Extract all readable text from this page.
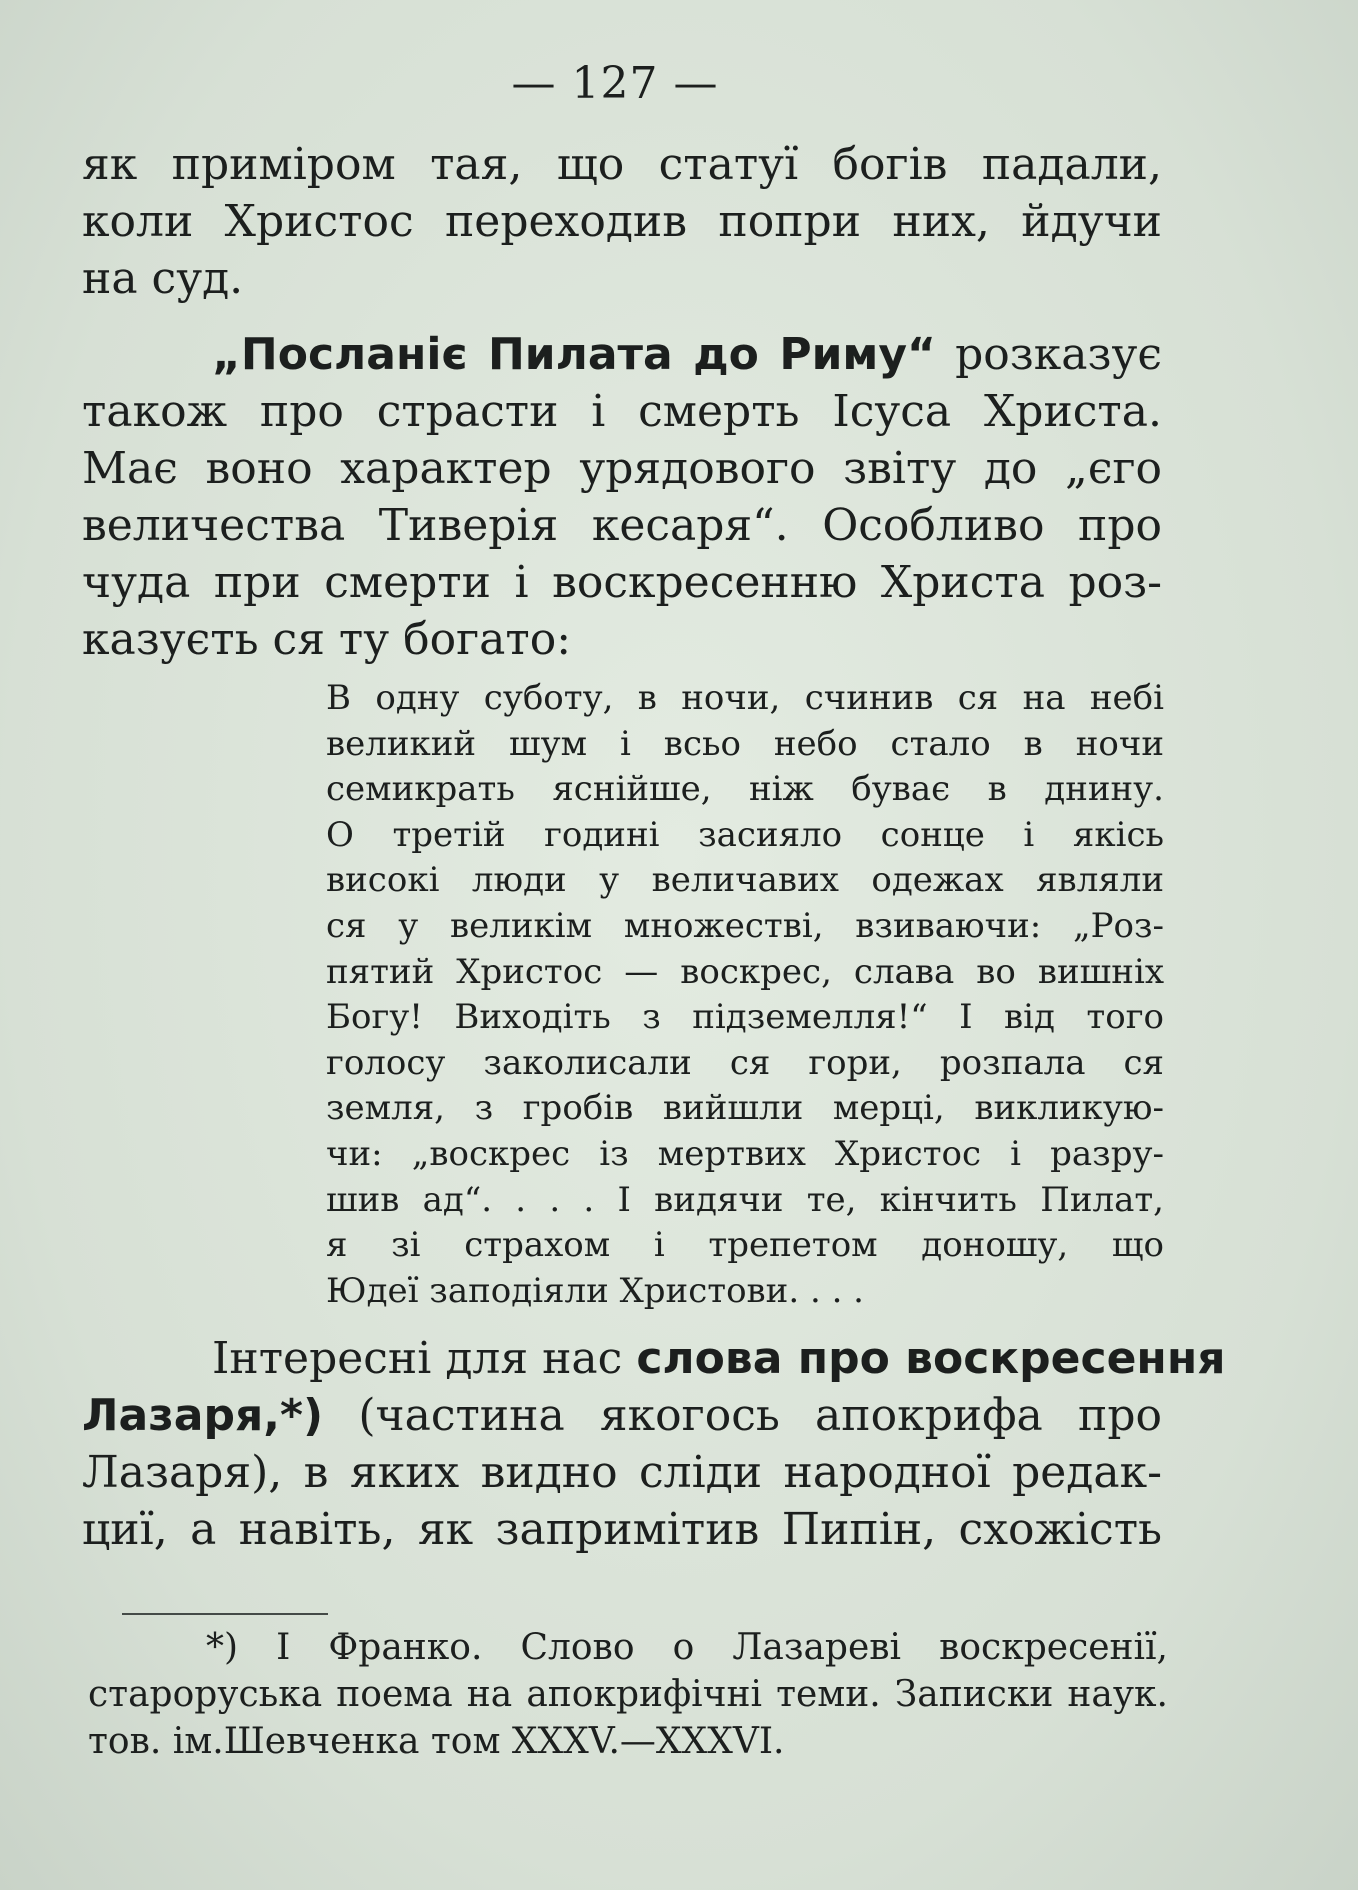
— 127 —

як приміром тая, що статуї богів падали,
коли Христос переходив попри них, йдучи
на суд.

„Посланіє Пилата до Риму“ розказує
також про страсти і смерть Ісуса Христа.
Має воно характер урядового звіту до „єго
величества Тиверія кесаря“. Особливо про
чуда при смерти і воскресенню Христа роз-
казуєть ся ту богато:

В одну суботу, в ночи, счинив ся на небі
великий шум і всьо небо стало в ночи
семикрать яснійше, ніж буває в днину.
О третій годині засияло сонце і якісь
високі люди у величавих одежах являли
ся у великім множестві, взиваючи: „Роз-
пятий Христос — воскрес, слава во вишніх
Богу! Виходіть з підземелля!“ І від того
голосу заколисали ся гори, розпала ся
земля, з гробів вийшли мерці, викликую-
чи: „воскрес із мертвих Христос і разру-
шив ад“. . . . І видячи те, кінчить Пилат,
я зі страхом і трепетом доношу, що
Юдеї заподіяли Христови. . . .

Інтересні для нас слова про воскресення
Лазаря,*) (частина якогось апокрифа про
Лазаря), в яких видно сліди народної редак-
циї, а навіть, як запримітив Пипін, схожість

*) І Франко. Слово о Лазареві воскресенії,
староруська поема на апокрифічні теми. Записки наук.
тов. ім.Шевченка том XXXV.—XXXVI.
